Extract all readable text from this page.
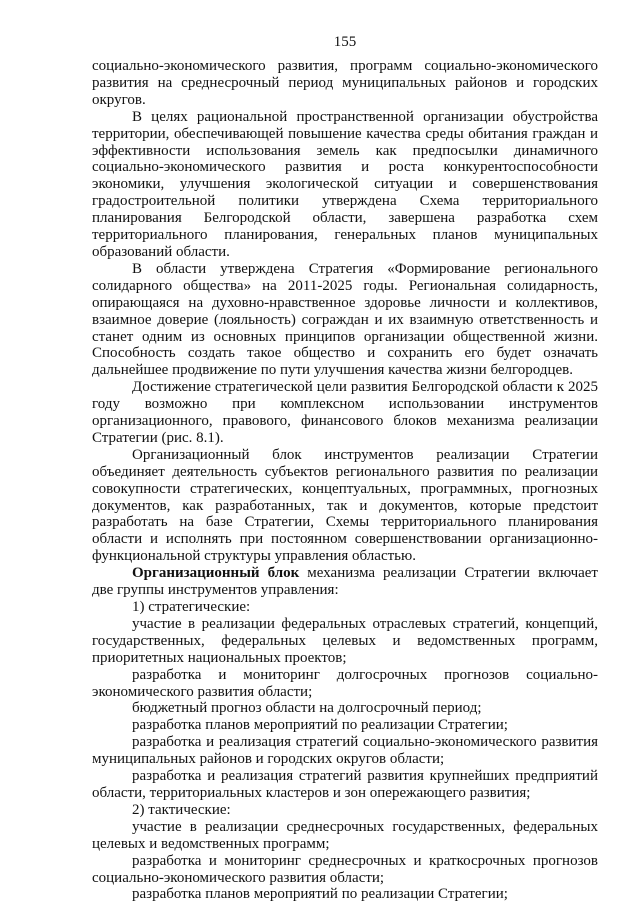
155

социально-экономического развития, программ социально-экономического развития на среднесрочный период муниципальных районов и городских округов.

В целях рациональной пространственной организации обустройства территории, обеспечивающей повышение качества среды обитания граждан и эффективности использования земель как предпосылки динамичного социально-экономического развития и роста конкурентоспособности экономики, улучшения экологической ситуации и совершенствования градостроительной политики утверждена Схема территориального планирования Белгородской области, завершена разработка схем территориального планирования, генеральных планов муниципальных образований области.

В области утверждена Стратегия «Формирование регионального солидарного общества» на 2011-2025 годы. Региональная солидарность, опирающаяся на духовно-нравственное здоровье личности и коллективов, взаимное доверие (лояльность) сограждан и их взаимную ответственность и станет одним из основных принципов организации общественной жизни. Способность создать такое общество и сохранить его будет означать дальнейшее продвижение по пути улучшения качества жизни белгородцев.

Достижение стратегической цели развития Белгородской области к 2025 году возможно при комплексном использовании инструментов организационного, правового, финансового блоков механизма реализации Стратегии (рис. 8.1).

Организационный блок инструментов реализации Стратегии объединяет деятельность субъектов регионального развития по реализации совокупности стратегических, концептуальных, программных, прогнозных документов, как разработанных, так и документов, которые предстоит разработать на базе Стратегии, Схемы территориального планирования области и исполнять при постоянном совершенствовании организационно-функциональной структуры управления областью.

Организационный блок механизма реализации Стратегии включает две группы инструментов управления:

1) стратегические:

участие в реализации федеральных отраслевых стратегий, концепций, государственных, федеральных целевых и ведомственных программ, приоритетных национальных проектов;

разработка и мониторинг долгосрочных прогнозов социально-экономического развития области;

бюджетный прогноз области на долгосрочный период;

разработка планов мероприятий по реализации Стратегии;

разработка и реализация стратегий социально-экономического развития муниципальных районов и городских округов области;

разработка и реализация стратегий развития крупнейших предприятий области, территориальных кластеров и зон опережающего развития;

2) тактические:

участие в реализации среднесрочных государственных, федеральных целевых и ведомственных программ;

разработка и мониторинг среднесрочных и краткосрочных прогнозов социально-экономического развития области;

разработка планов мероприятий по реализации Стратегии;
